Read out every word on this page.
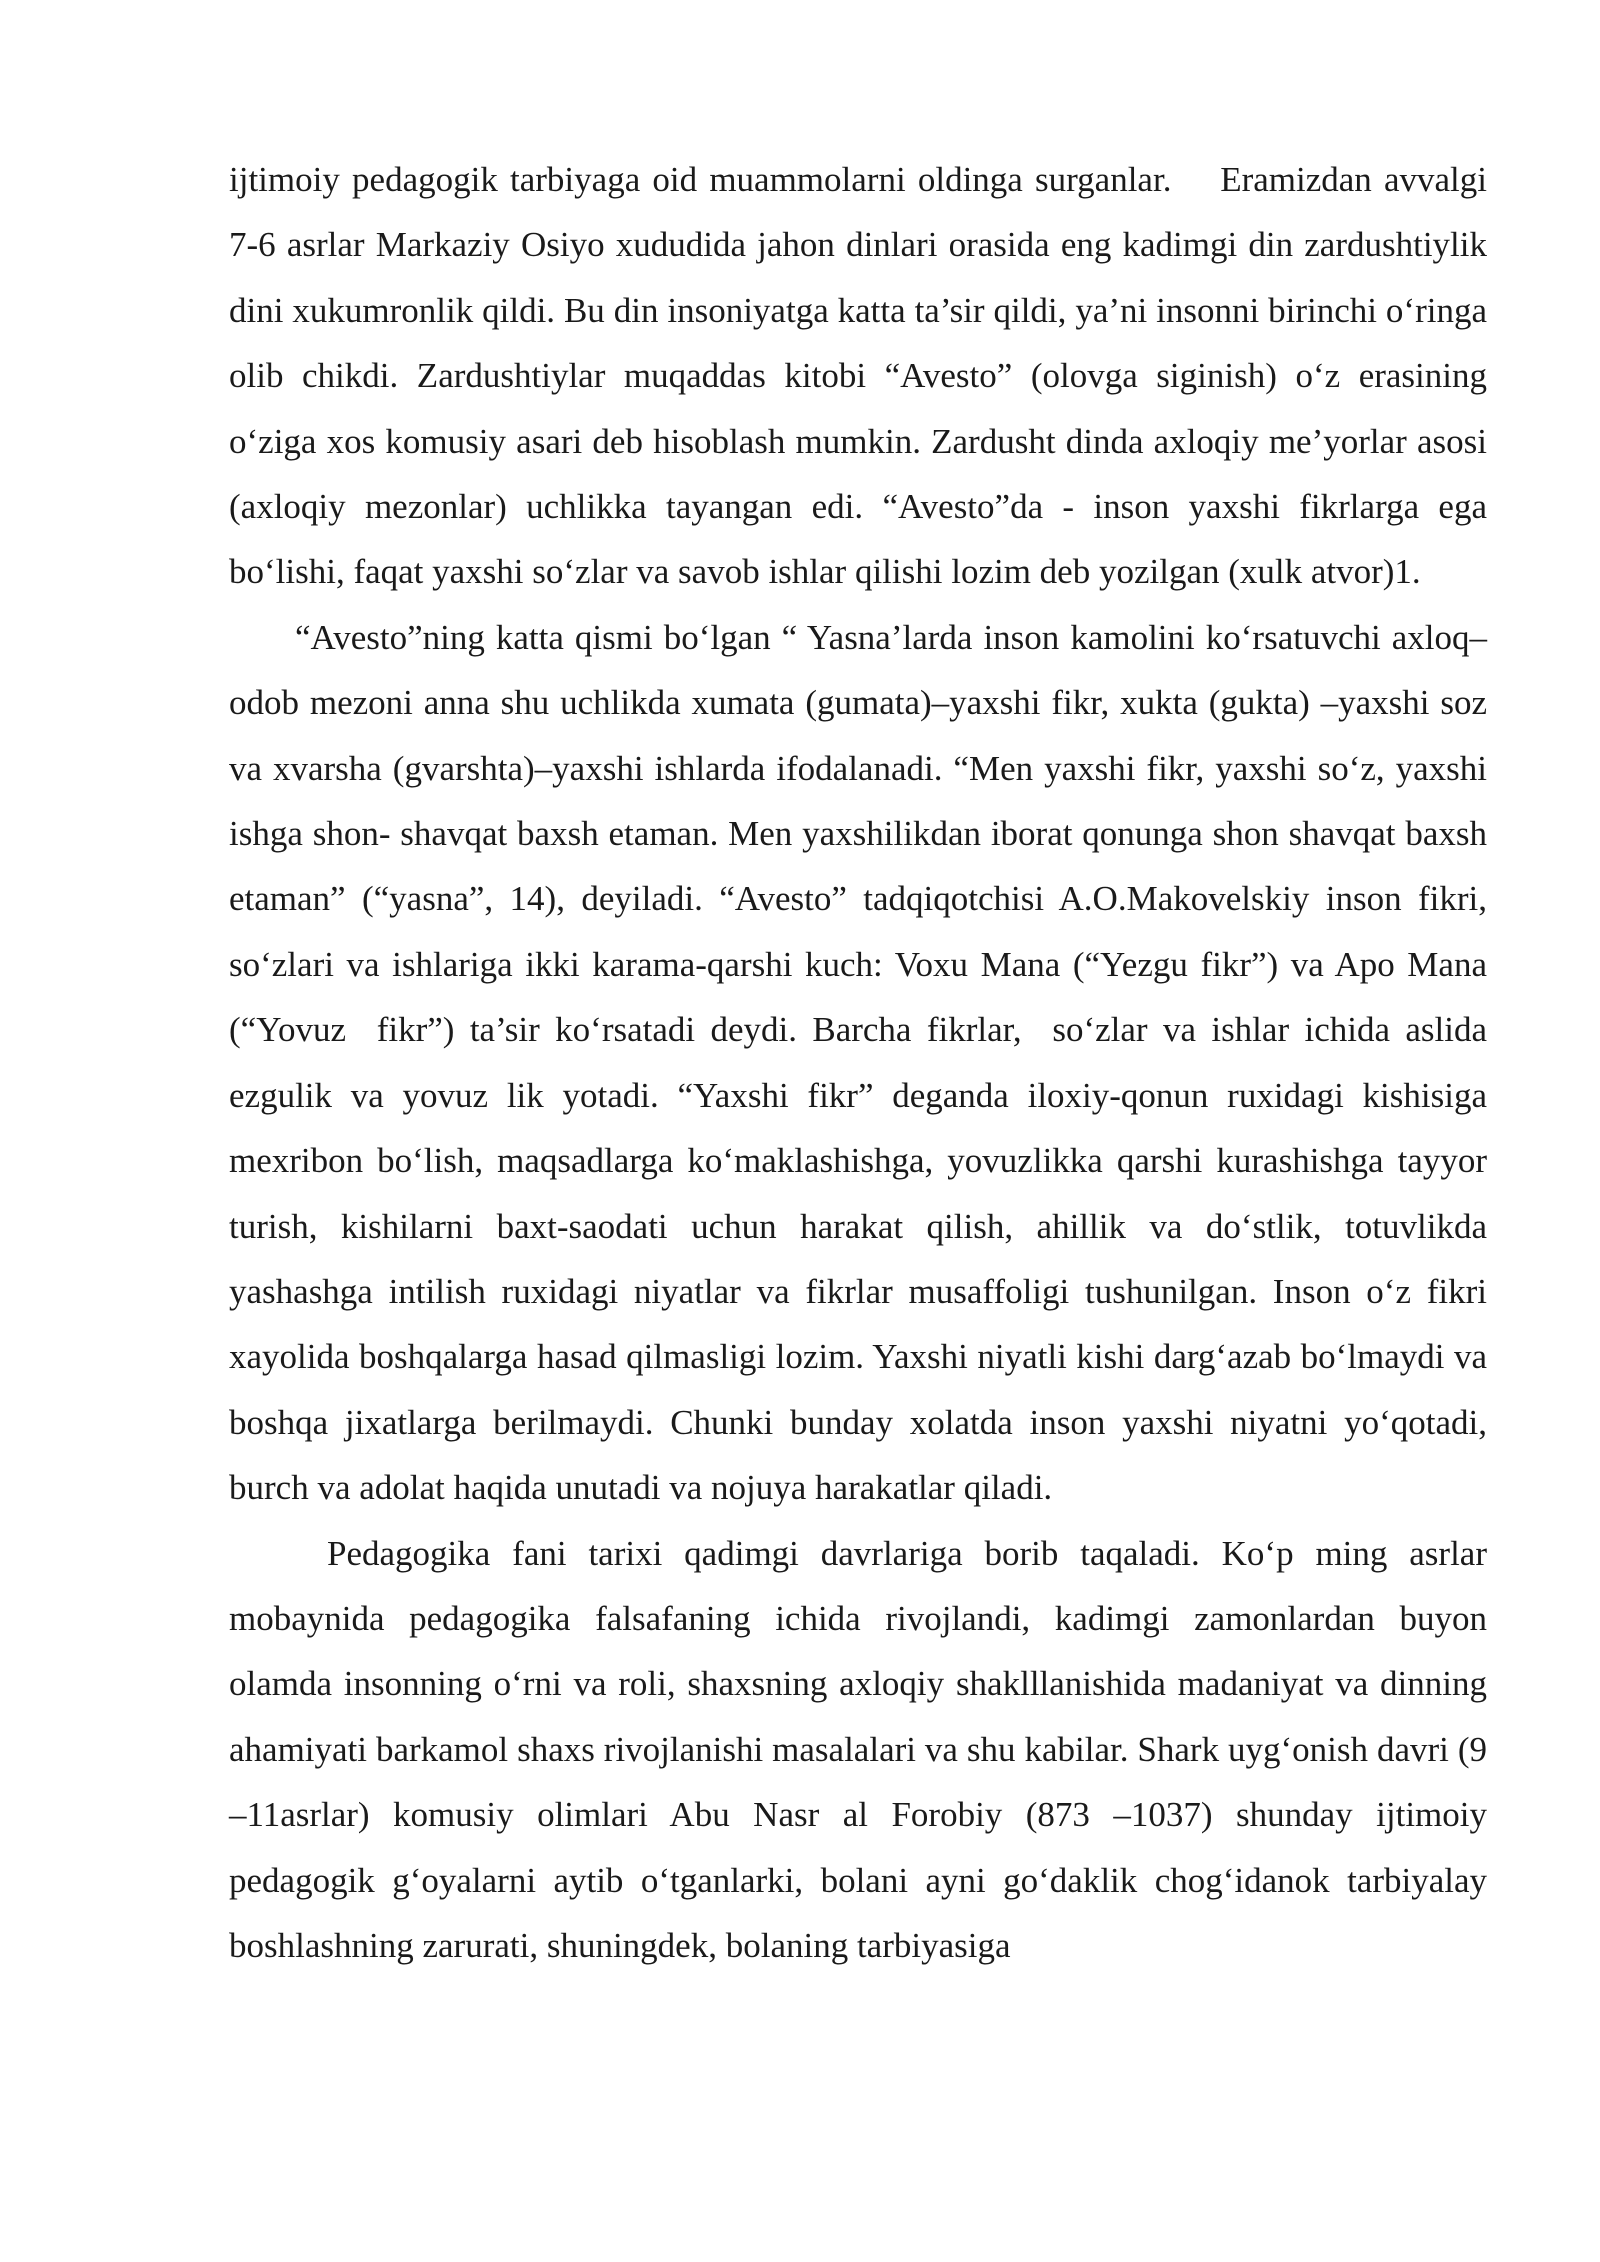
ijtimoiy pedagogik tarbiyaga oid muammolarni oldinga surganlar.    Eramizdan avvalgi 7-6 asrlar Markaziy Osiyo xududida jahon dinlari orasida eng kadimgi din zardushtiylik dini xukumronlik qildi. Bu din insoniyatga katta ta’sir qildi, ya’ni insonni birinchi o‘ringa olib chikdi. Zardushtiylar muqaddas kitobi “Avesto” (olovga siginish) o‘z erasining o‘ziga xos komusiy asari deb hisoblash mumkin. Zardusht dinda axloqiy me’yorlar asosi (axloqiy mezonlar) uchlikka tayangan edi. “Avesto”da - inson yaxshi fikrlarga ega bo‘lishi, faqat yaxshi so‘zlar va savob ishlar qilishi lozim deb yozilgan (xulk atvor)1.

“Avesto”ning katta qismi bo‘lgan “ Yasna’larda inson kamolini ko‘rsatuvchi axloq–odob mezoni anna shu uchlikda xumata (gumata)–yaxshi fikr, xukta (gukta) –yaxshi soz va xvarsha (gvarshta)–yaxshi ishlarda ifodalanadi. “Men yaxshi fikr, yaxshi so‘z, yaxshi ishga shon- shavqat baxsh etaman. Men yaxshilikdan iborat qonunga shon shavqat baxsh etaman” (“yasna”, 14), deyiladi. “Avesto” tadqiqotchisi A.O.Makovelskiy inson fikri, so‘zlari va ishlariga ikki karama-qarshi kuch: Voxu Mana (“Yezgu fikr”) va Apo Mana (“Yovuz  fikr”) ta’sir ko‘rsatadi deydi. Barcha fikrlar,  so‘zlar va ishlar ichida aslida ezgulik va yovuz lik yotadi. “Yaxshi fikr” deganda iloxiy-qonun ruxidagi kishisiga mexribon bo‘lish, maqsadlarga ko‘maklashishga, yovuzlikka qarshi kurashishga tayyor turish, kishilarni baxt-saodati uchun harakat qilish, ahillik va do‘stlik, totuvlikda yashashga intilish ruxidagi niyatlar va fikrlar musaffoligi tushunilgan. Inson o‘z fikri xayolida boshqalarga hasad qilmasligi lozim. Yaxshi niyatli kishi darg‘azab bo‘lmaydi va boshqa jixatlarga berilmaydi. Chunki bunday xolatda inson yaxshi niyatni yo‘qotadi, burch va adolat haqida unutadi va nojuya harakatlar qiladi.

Pedagogika fani tarixi qadimgi davrlariga borib taqaladi. Ko‘p ming asrlar mobaynida pedagogika falsafaning ichida rivojlandi, kadimgi zamonlardan buyon olamda insonning o‘rni va roli, shaxsning axloqiy shaklllanishida madaniyat va dinning ahamiyati barkamol shaxs rivojlanishi masalalari va shu kabilar. Shark uyg‘onish davri (9 –11asrlar) komusiy olimlari Abu Nasr al Forobiy (873 –1037) shunday ijtimoiy pedagogik g‘oyalarni aytib o‘tganlarki, bolani ayni go‘daklik chog‘idanok tarbiyalay boshlashning zarurati, shuningdek, bolaning tarbiyasiga
